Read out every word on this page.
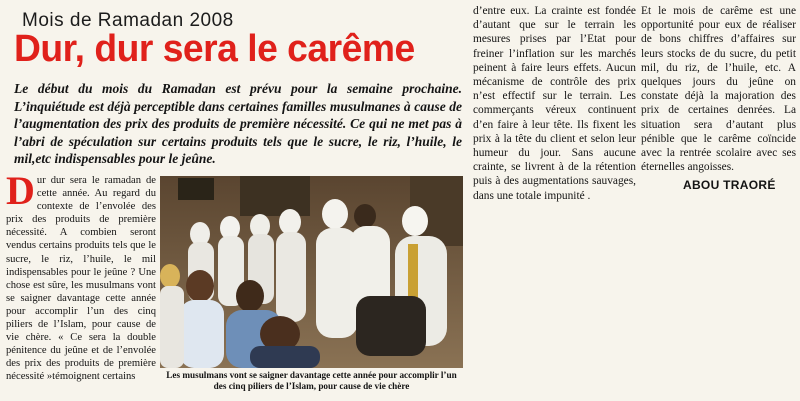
Mois de Ramadan 2008
Dur, dur sera le carême
Le début du mois du Ramadan est prévu pour la semaine prochaine. L’inquiétude est déjà perceptible dans certaines familles musulmanes à cause de l’augmentation des prix des produits de première nécessité. Ce qui ne met pas à l’abri de spéculation sur certains produits tels que le sucre, le riz, l’huile, le mil,etc indispensables pour le jeûne.
Dur dur sera le ramadan de cette année. Au regard du contexte de l’envolée des prix des produits de première nécessité. A combien seront vendus certains produits tels que le sucre, le riz, l’huile, le mil indispensables pour le jeûne ? Une chose est sûre, les musulmans vont se saigner davantage cette année pour accomplir l’un des cinq piliers de l’Islam, pour cause de vie chère. « Ce sera la double pénitence du jeûne et de l’envolée des prix des produits de première nécessité »témoignent certains	Les musulmans vont se saigner davantage cette année pour accomplir l’un des cinq piliers de l’Islam, pour cause de vie chère
d’entre eux. La crainte est fondée d’autant que sur le terrain les mesures prises par l’Etat pour freiner l’inflation sur les marchés peinent à faire leurs effets. Aucun mécanisme de contrôle des prix n’est effectif sur le terrain. Les commerçants véreux continuent d’en faire à leur tête. Ils fixent les prix à la tête du client et selon leur humeur du jour. Sans aucune crainte, se livrent à de la rétention puis à des augmentations sauvages, dans une totale impunité .
Et le mois de carême est une opportunité pour eux de réaliser de bons chiffres d’affaires sur leurs stocks de du sucre, du petit mil, du riz, de l’huile, etc. A quelques jours du jeûne on constate déjà la majoration des prix de certaines denrées. La situation sera d’autant plus pénible que le carême coïncide avec la rentrée scolaire avec ses éternelles angoisses.
ABOU TRAORÉ
